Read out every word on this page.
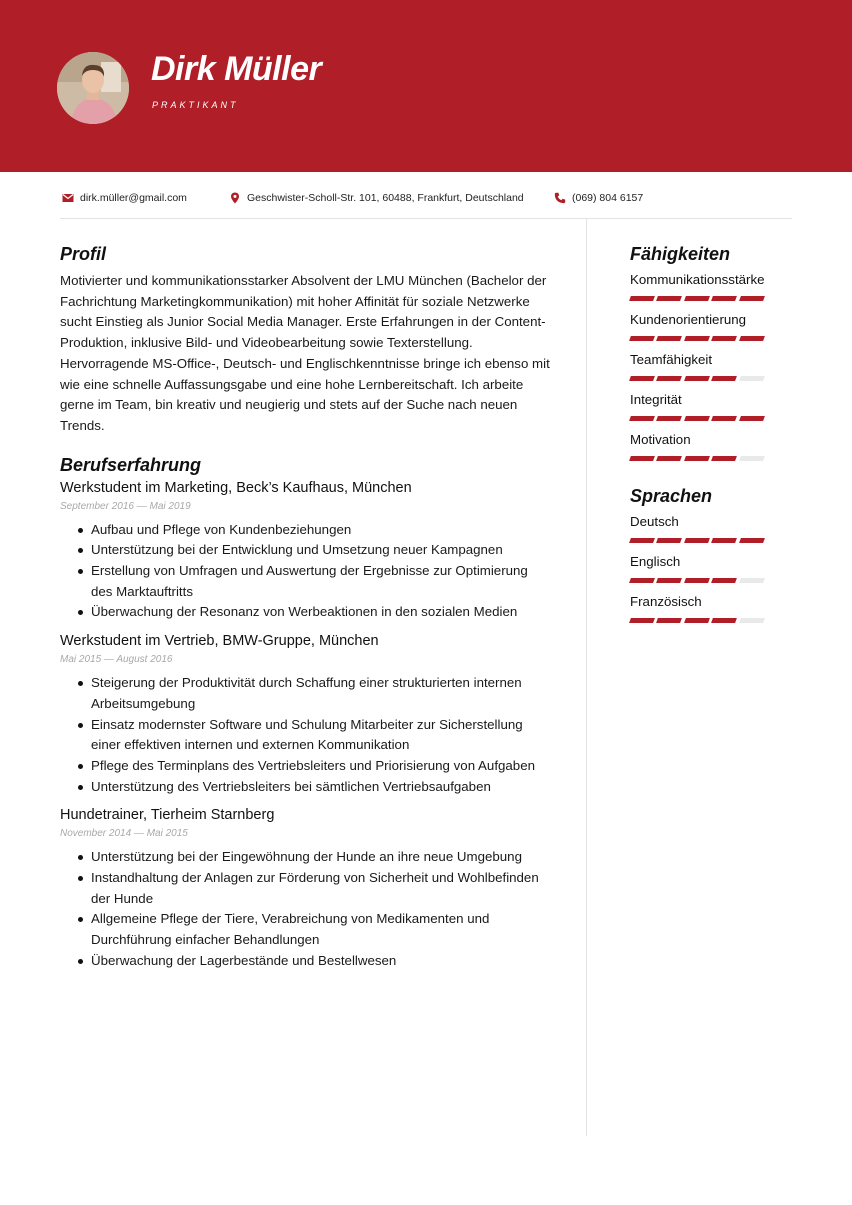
Dirk Müller
PRAKTIKANT
dirk.müller@gmail.com	Geschwister-Scholl-Str. 101, 60488, Frankfurt, Deutschland	(069) 804 6157
Profil

Motivierter und kommunikationsstarker Absolvent der LMU München (Bachelor der Fachrichtung Marketingkommunikation) mit hoher Affinität für soziale Netzwerke sucht Einstieg als Junior Social Media Manager. Erste Erfahrungen in der Content-Produktion, inklusive Bild- und Videobearbeitung sowie Texterstellung. Hervorragende MS-Office-, Deutsch- und Englischkenntnisse bringe ich ebenso mit wie eine schnelle Auffassungsgabe und eine hohe Lernbereitschaft. Ich arbeite gerne im Team, bin kreativ und neugierig und stets auf der Suche nach neuen Trends.

Berufserfahrung
Werkstudent im Marketing, Beck’s Kaufhaus, München
September 2016 — Mai 2019
Aufbau und Pflege von Kundenbeziehungen
Unterstützung bei der Entwicklung und Umsetzung neuer Kampagnen
Erstellung von Umfragen und Auswertung der Ergebnisse zur Optimierung des Marktauftritts
Überwachung der Resonanz von Werbeaktionen in den sozialen Medien
Werkstudent im Vertrieb, BMW-Gruppe, München
Mai 2015 — August 2016
Steigerung der Produktivität durch Schaffung einer strukturierten internen Arbeitsumgebung
Einsatz modernster Software und Schulung Mitarbeiter zur Sicherstellung einer effektiven internen und externen Kommunikation
Pflege des Terminplans des Vertriebsleiters und Priorisierung von Aufgaben
Unterstützung des Vertriebsleiters bei sämtlichen Vertriebsaufgaben
Hundetrainer, Tierheim Starnberg
November 2014 — Mai 2015
Unterstützung bei der Eingewöhnung der Hunde an ihre neue Umgebung
Instandhaltung der Anlagen zur Förderung von Sicherheit und Wohlbefinden der Hunde
Allgemeine Pflege der Tiere, Verabreichung von Medikamenten und Durchführung einfacher Behandlungen
Überwachung der Lagerbestände und Bestellwesen
Fähigkeiten
Kommunikationsstärke
Kundenorientierung
Teamfähigkeit
Integrität
Motivation
Sprachen
Deutsch
Englisch
Französisch
